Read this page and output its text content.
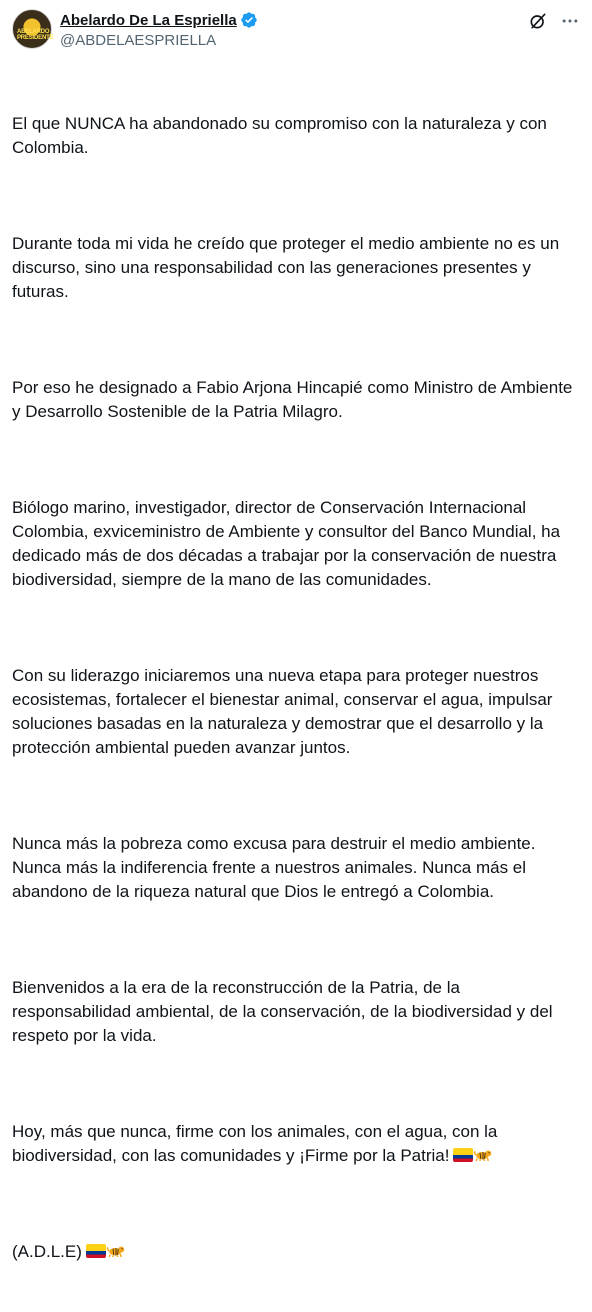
ABELARDO PRESIDENTE
Abelardo De La Espriella
@ABDELAESPRIELLA

El que NUNCA ha abandonado su compromiso con la naturaleza y con Colombia.

Durante toda mi vida he creído que proteger el medio ambiente no es un discurso, sino una responsabilidad con las generaciones presentes y futuras.

Por eso he designado a Fabio Arjona Hincapié como Ministro de Ambiente y Desarrollo Sostenible de la Patria Milagro.

Biólogo marino, investigador, director de Conservación Internacional Colombia, exviceministro de Ambiente y consultor del Banco Mundial, ha dedicado más de dos décadas a trabajar por la conservación de nuestra biodiversidad, siempre de la mano de las comunidades.

Con su liderazgo iniciaremos una nueva etapa para proteger nuestros ecosistemas, fortalecer el bienestar animal, conservar el agua, impulsar soluciones basadas en la naturaleza y demostrar que el desarrollo y la protección ambiental pueden avanzar juntos.

Nunca más la pobreza como excusa para destruir el medio ambiente. Nunca más la indiferencia frente a nuestros animales. Nunca más el abandono de la riqueza natural que Dios le entregó a Colombia.

Bienvenidos a la era de la reconstrucción de la Patria, de la responsabilidad ambiental, de la conservación, de la biodiversidad y del respeto por la vida.

Hoy, más que nunca, firme con los animales, con el agua, con la biodiversidad, con las comunidades y ¡Firme por la Patria!

(A.D.L.E)
